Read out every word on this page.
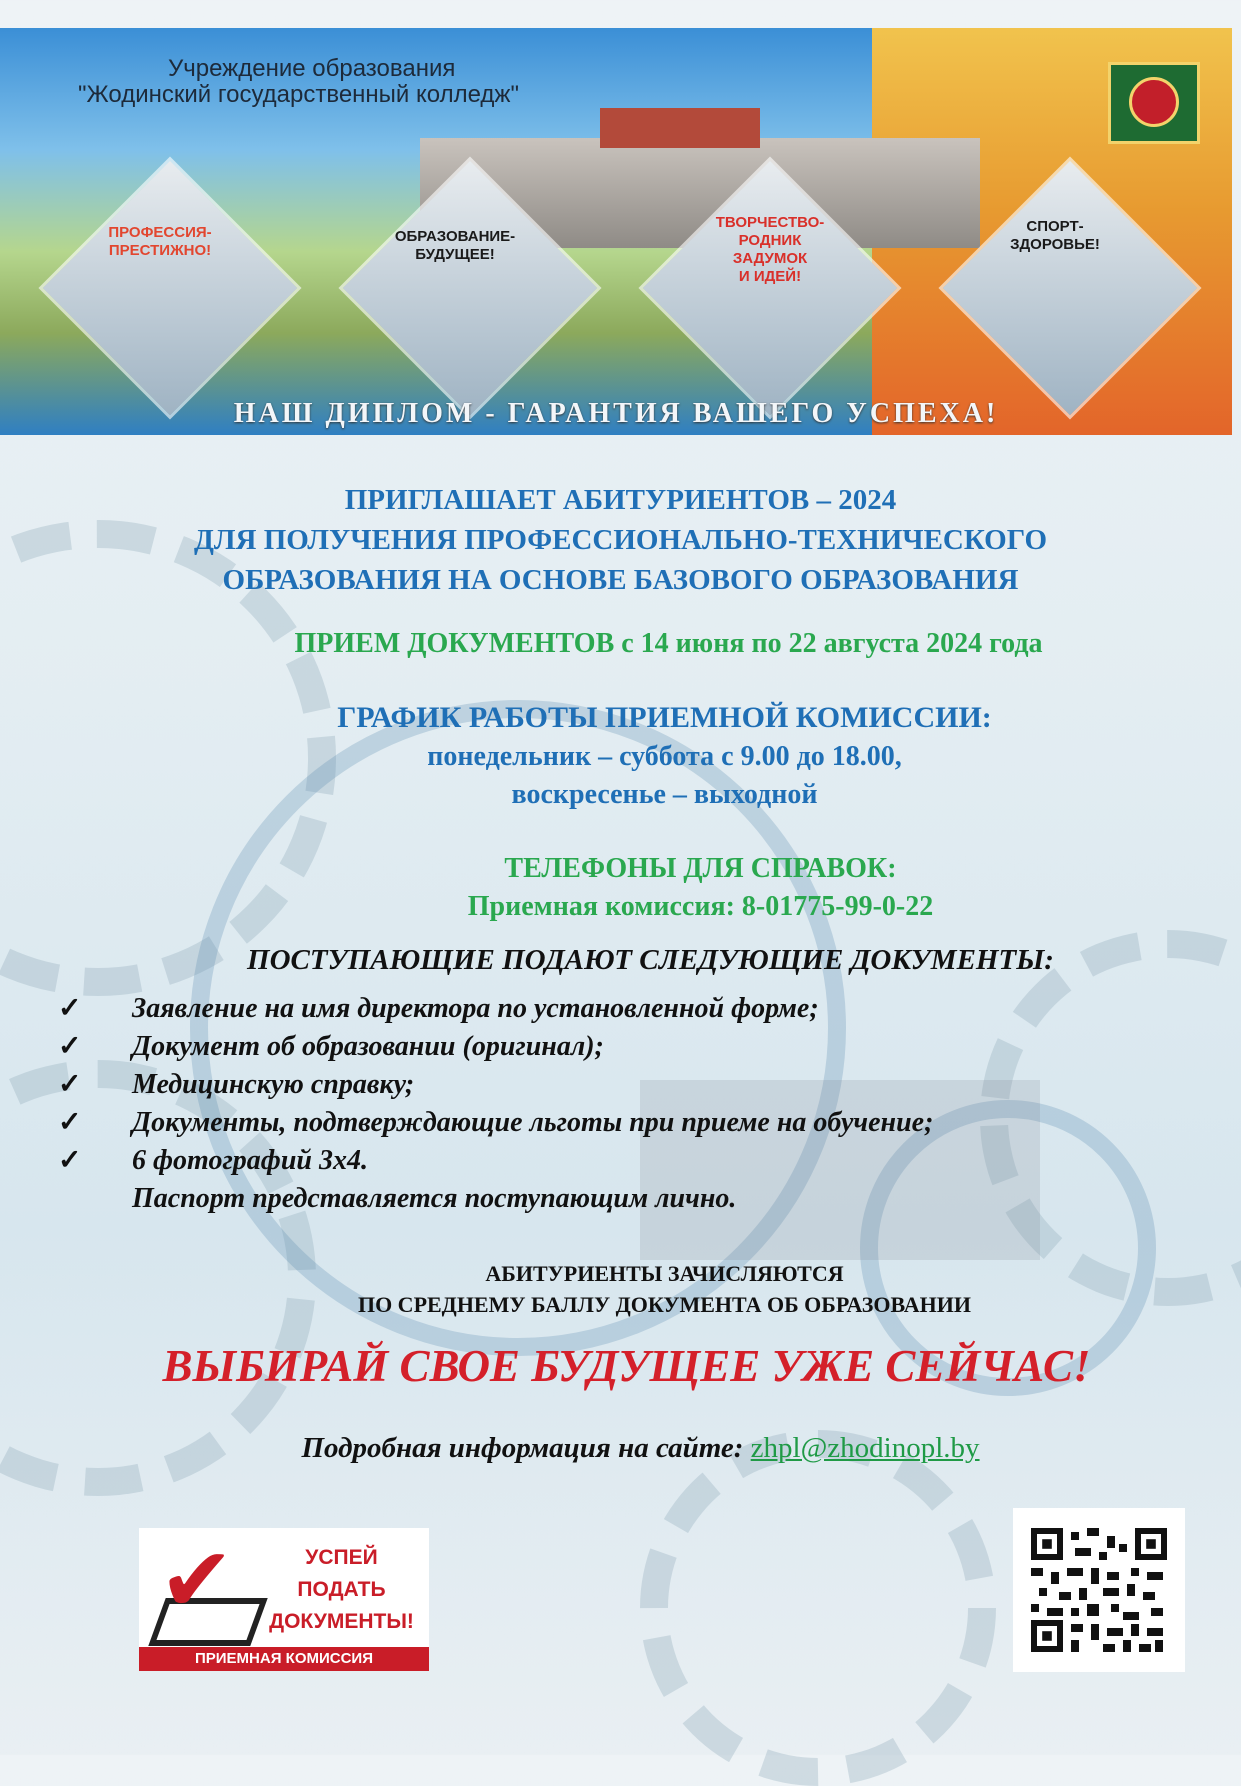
Учреждение образования
"Жодинский государственный колледж"
ПРОФЕССИЯ-
ПРЕСТИЖНО!
ОБРАЗОВАНИЕ-
БУДУЩЕЕ!
ТВОРЧЕСТВО-
РОДНИК
ЗАДУМОК
И ИДЕЙ!
СПОРТ-
ЗДОРОВЬЕ!
НАШ ДИПЛОМ - ГАРАНТИЯ ВАШЕГО УСПЕХА!
ПРИГЛАШАЕТ АБИТУРИЕНТОВ – 2024
ДЛЯ ПОЛУЧЕНИЯ ПРОФЕССИОНАЛЬНО-ТЕХНИЧЕСКОГО
ОБРАЗОВАНИЯ НА ОСНОВЕ БАЗОВОГО ОБРАЗОВАНИЯ
ПРИЕМ ДОКУМЕНТОВ с 14 июня по 22 августа 2024 года
ГРАФИК РАБОТЫ ПРИЕМНОЙ КОМИССИИ:
понедельник – суббота с 9.00 до 18.00,
воскресенье – выходной
ТЕЛЕФОНЫ ДЛЯ СПРАВОК:
Приемная комиссия: 8-01775-99-0-22
ПОСТУПАЮЩИЕ ПОДАЮТ СЛЕДУЮЩИЕ ДОКУМЕНТЫ:
✓ Заявление на имя директора по установленной форме;
✓ Документ об образовании (оригинал);
✓ Медицинскую справку;
✓ Документы, подтверждающие льготы при приеме на обучение;
✓ 6 фотографий 3х4.
Паспорт представляется поступающим лично.
АБИТУРИЕНТЫ ЗАЧИСЛЯЮТСЯ
ПО СРЕДНЕМУ БАЛЛУ ДОКУМЕНТА ОБ ОБРАЗОВАНИИ
ВЫБИРАЙ СВОЕ БУДУЩЕЕ УЖЕ СЕЙЧАС!
Подробная информация на сайте: zhpl@zhodinopl.by
✔	УСПЕЙ
ПОДАТЬ
ДОКУМЕНТЫ!
ПРИЕМНАЯ КОМИССИЯ
